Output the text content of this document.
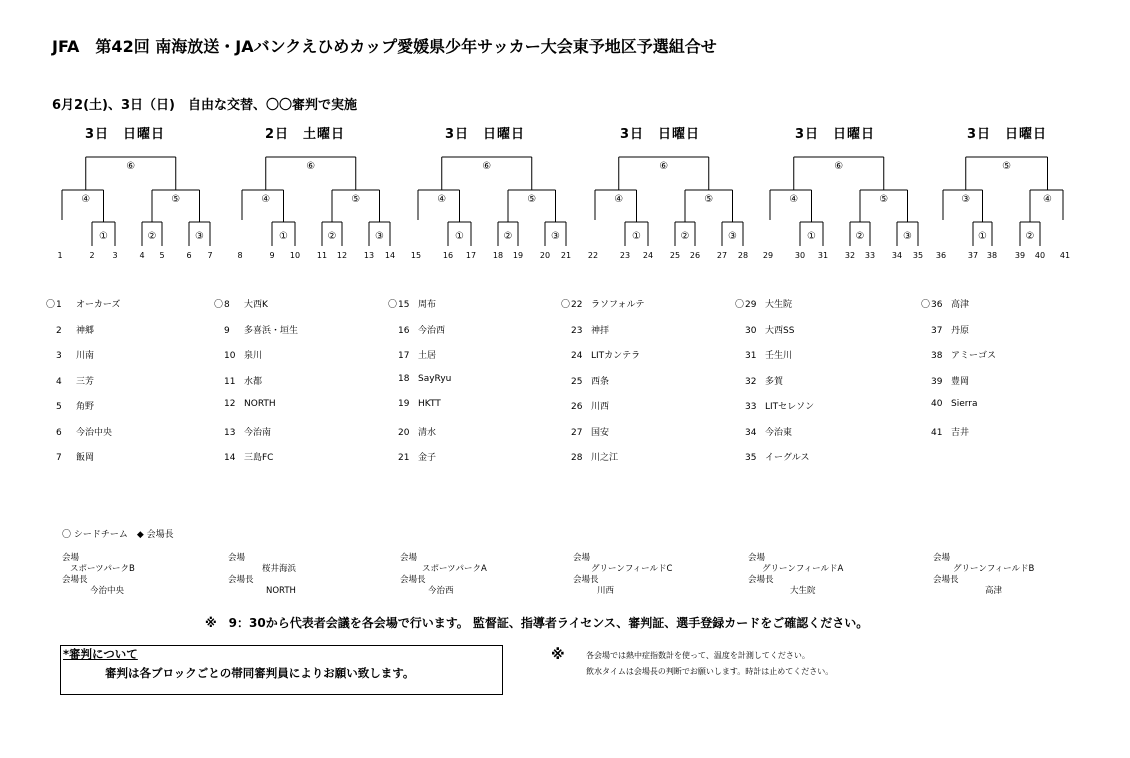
JFA　第42回 南海放送・JAバンクえひめカップ愛媛県少年サッカー大会東予地区予選組合せ
6月2(土)、3日（日)　自由な交替、〇〇審判で実施
3日　日曜日
1	2	3	4	5	6	7
⑥
④	⑤
①	②	③
2日　土曜日
8	9	10	11	12	13	14
⑥
④	⑤
①	②	③
3日　日曜日
15	16	17	18	19	20	21
⑥
④	⑤
①	②	③
3日　日曜日
22	23	24	25	26	27	28
⑥
④	⑤
①	②	③
3日　日曜日
29	30	31	32	33	34	35
⑥
④	⑤
①	②	③
3日　日曜日
36	37	38	39	40	41
⑤
③	④
①	②
〇1 オーカーズ
2 神郷
3 川南
4 三芳
5 角野
6 今治中央
7 飯岡
〇8 大西K
9 多喜浜・垣生
10 泉川
11 水都
12 NORTH
13 今治南
14 三島FC
〇15 周布
16 今治西
17 土居
18 SayRyu
19 HKTT
20 清水
21 金子
〇22 ラソフォルテ
23 神拝
24 LITカンテラ
25 西条
26 川西
27 国安
28 川之江
〇29 大生院
30 大西SS
31 壬生川
32 多賀
33 LITセレソン
34 今治東
35 イーグルス
〇36 高津
37 丹原
38 アミーゴス
39 豊岡
40 Sierra
41 吉井
〇 シードチーム　◆ 会場長
会場
スポーツパークB
会場長
今治中央
会場
桜井海浜
会場長
NORTH
会場
スポーツパークA
会場長
今治西
会場
グリーンフィールドC
会場長
川西
会場
グリーンフィールドA
会場長
大生院
会場
グリーンフィールドB
会場長
高津
※　9：30から代表者会議を各会場で行います。 監督証、指導者ライセンス、審判証、選手登録カードをご確認ください。
*審判について
審判は各ブロックごとの帯同審判員によりお願い致します。
※	各会場では熱中症指数計を使って、温度を計測してください。
飲水タイムは会場長の判断でお願いします。時計は止めてください。
